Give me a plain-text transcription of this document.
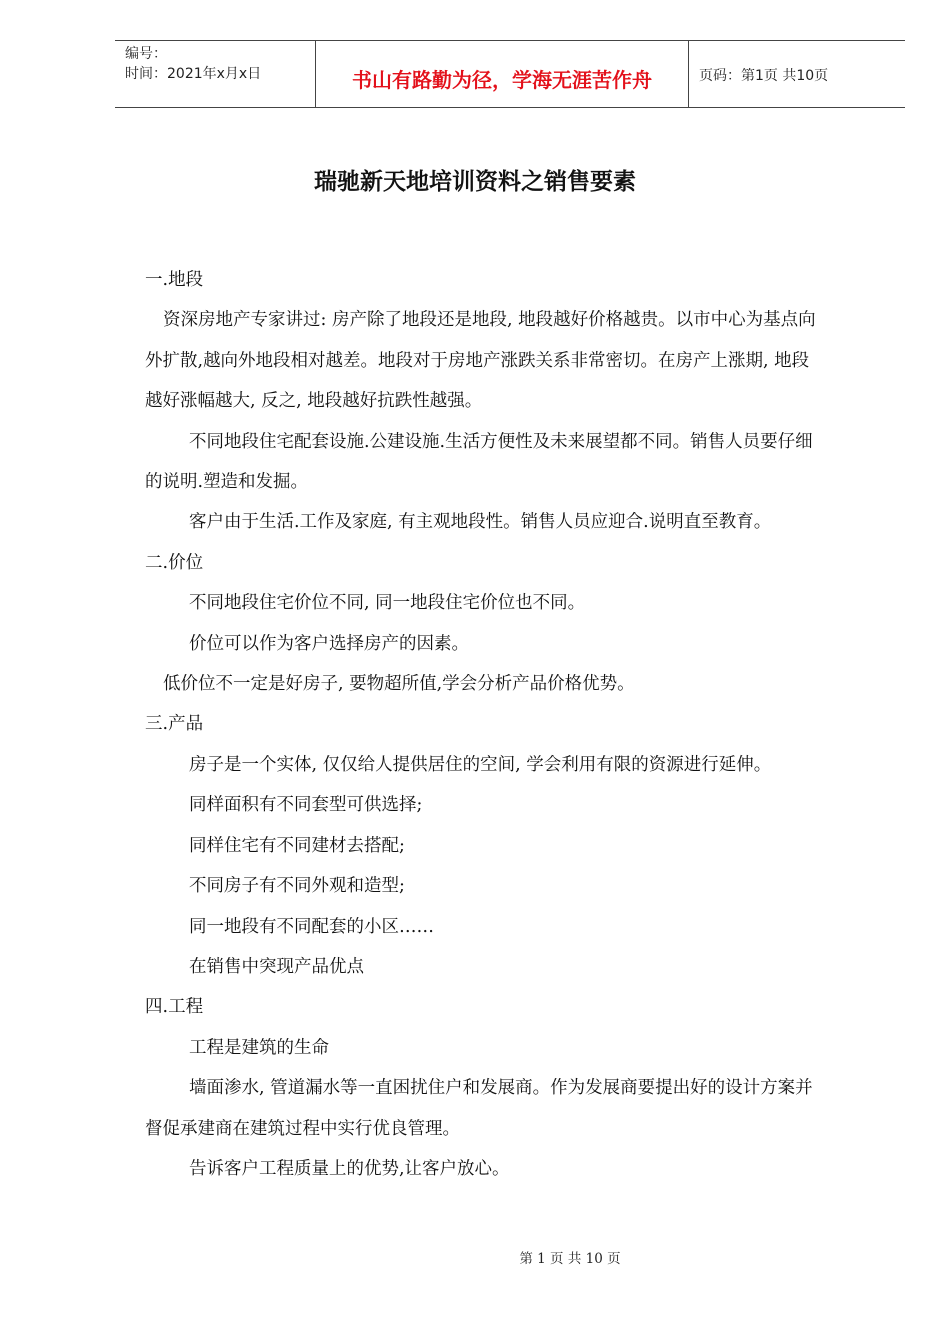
编号：
时间：2021年x月x日	书山有路勤为径，学海无涯苦作舟	页码：第1页 共10页
瑞驰新天地培训资料之销售要素
一.地段
资深房地产专家讲过: 房产除了地段还是地段, 地段越好价格越贵。以市中心为基点向
外扩散,越向外地段相对越差。地段对于房地产涨跌关系非常密切。在房产上涨期, 地段
越好涨幅越大, 反之, 地段越好抗跌性越强。
不同地段住宅配套设施.公建设施.生活方便性及未来展望都不同。销售人员要仔细
的说明.塑造和发掘。
客户由于生活.工作及家庭, 有主观地段性。销售人员应迎合.说明直至教育。
二.价位
不同地段住宅价位不同, 同一地段住宅价位也不同。
价位可以作为客户选择房产的因素。
低价位不一定是好房子, 要物超所值,学会分析产品价格优势。
三.产品
房子是一个实体, 仅仅给人提供居住的空间, 学会利用有限的资源进行延伸。
同样面积有不同套型可供选择;
同样住宅有不同建材去搭配;
不同房子有不同外观和造型;
同一地段有不同配套的小区……
在销售中突现产品优点
四.工程
工程是建筑的生命
墙面渗水, 管道漏水等一直困扰住户和发展商。作为发展商要提出好的设计方案并
督促承建商在建筑过程中实行优良管理。
告诉客户工程质量上的优势,让客户放心。
第 1 页 共 10 页
